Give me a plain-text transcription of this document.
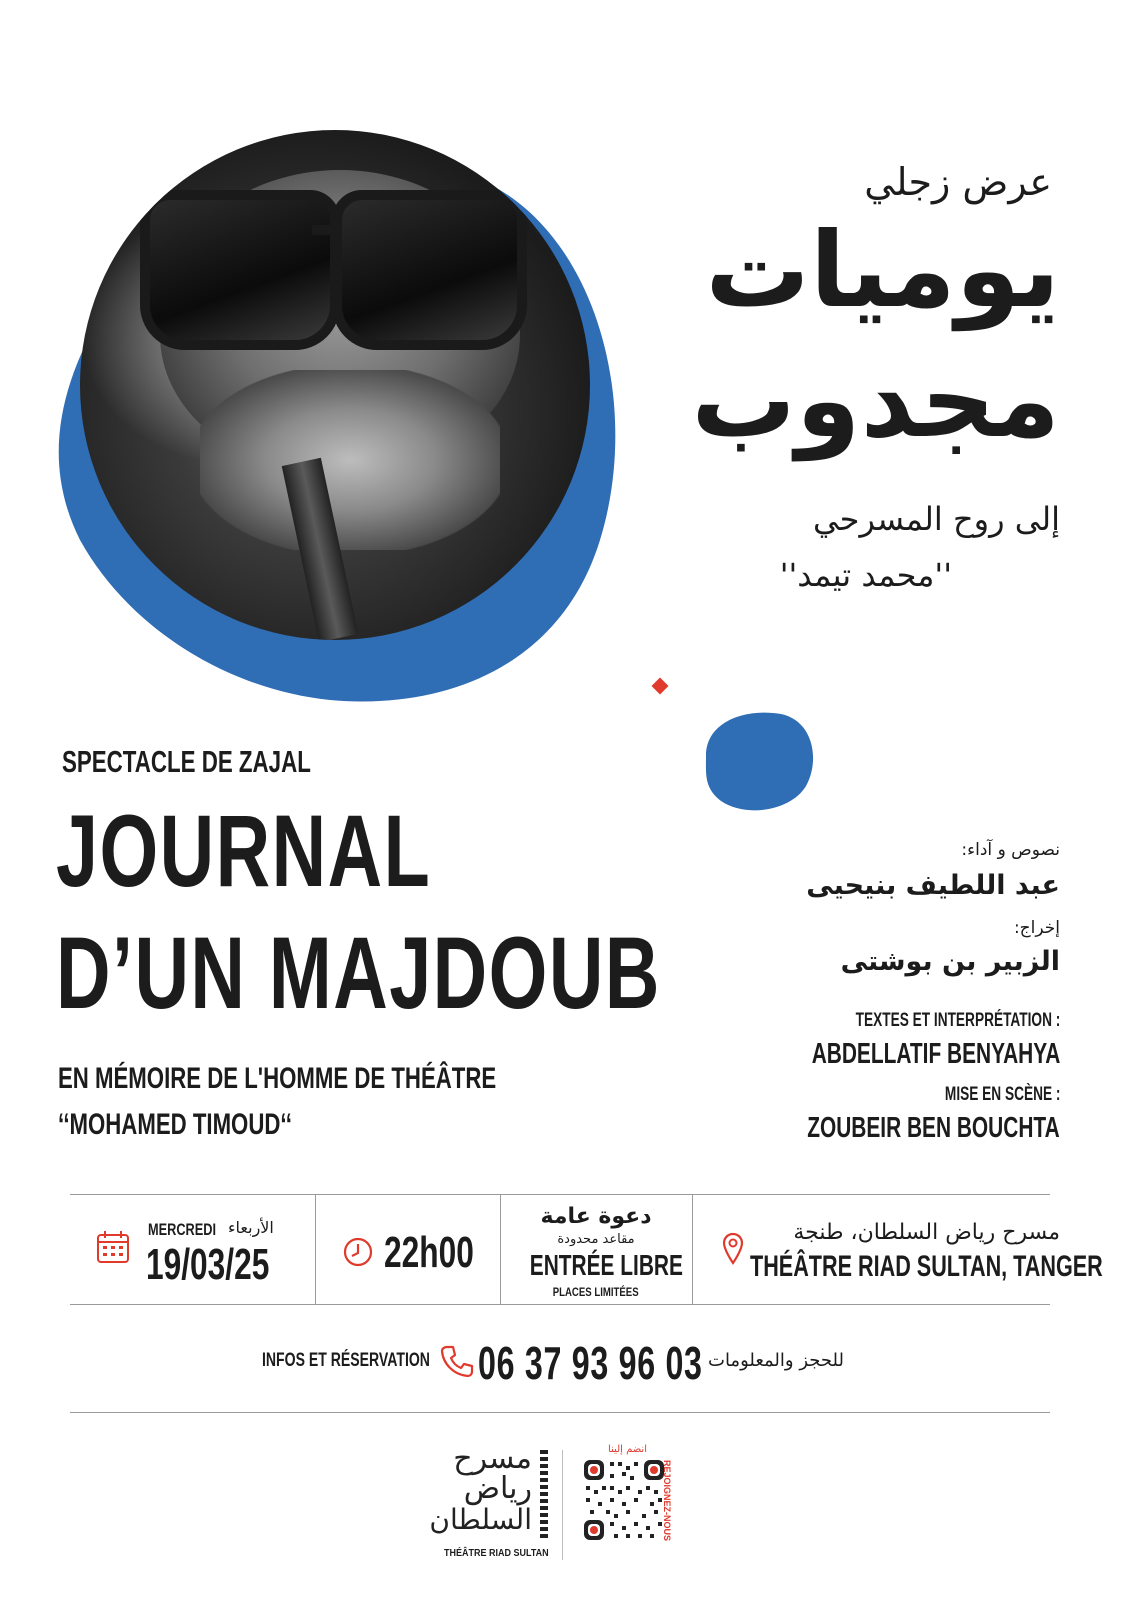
عرض زجلي
يوميات
مجدوب
إلى روح المسرحي
''محمد تيمد''
SPECTACLE DE ZAJAL
JOURNAL
D’UN MAJDOUB
EN MÉMOIRE DE L'HOMME DE THÉÂTRE
‘‘MOHAMED TIMOUD‘‘
نصوص و آداء:
عبد اللطيف بنيحيى
إخراج:
الزبير بن بوشتى
TEXTES ET INTERPRÉTATION :
ABDELLATIF BENYAHYA
MISE EN SCÈNE :
ZOUBEIR BEN BOUCHTA
MERCREDI الأربعاء
19/03/25	22h00
دعوة عامة
مقاعد محدودة
ENTRÉE LIBRE
PLACES LIMITÉES
مسرح رياض السلطان، طنجة
THÉÂTRE RIAD SULTAN, TANGER
INFOS ET RÉSERVATION 06 37 93 96 03 للحجز والمعلومات
مسرح
رياض
السلطان
THÉÂTRE RIAD SULTAN
انضم إلينا
REJOIGNEZ-NOUS
